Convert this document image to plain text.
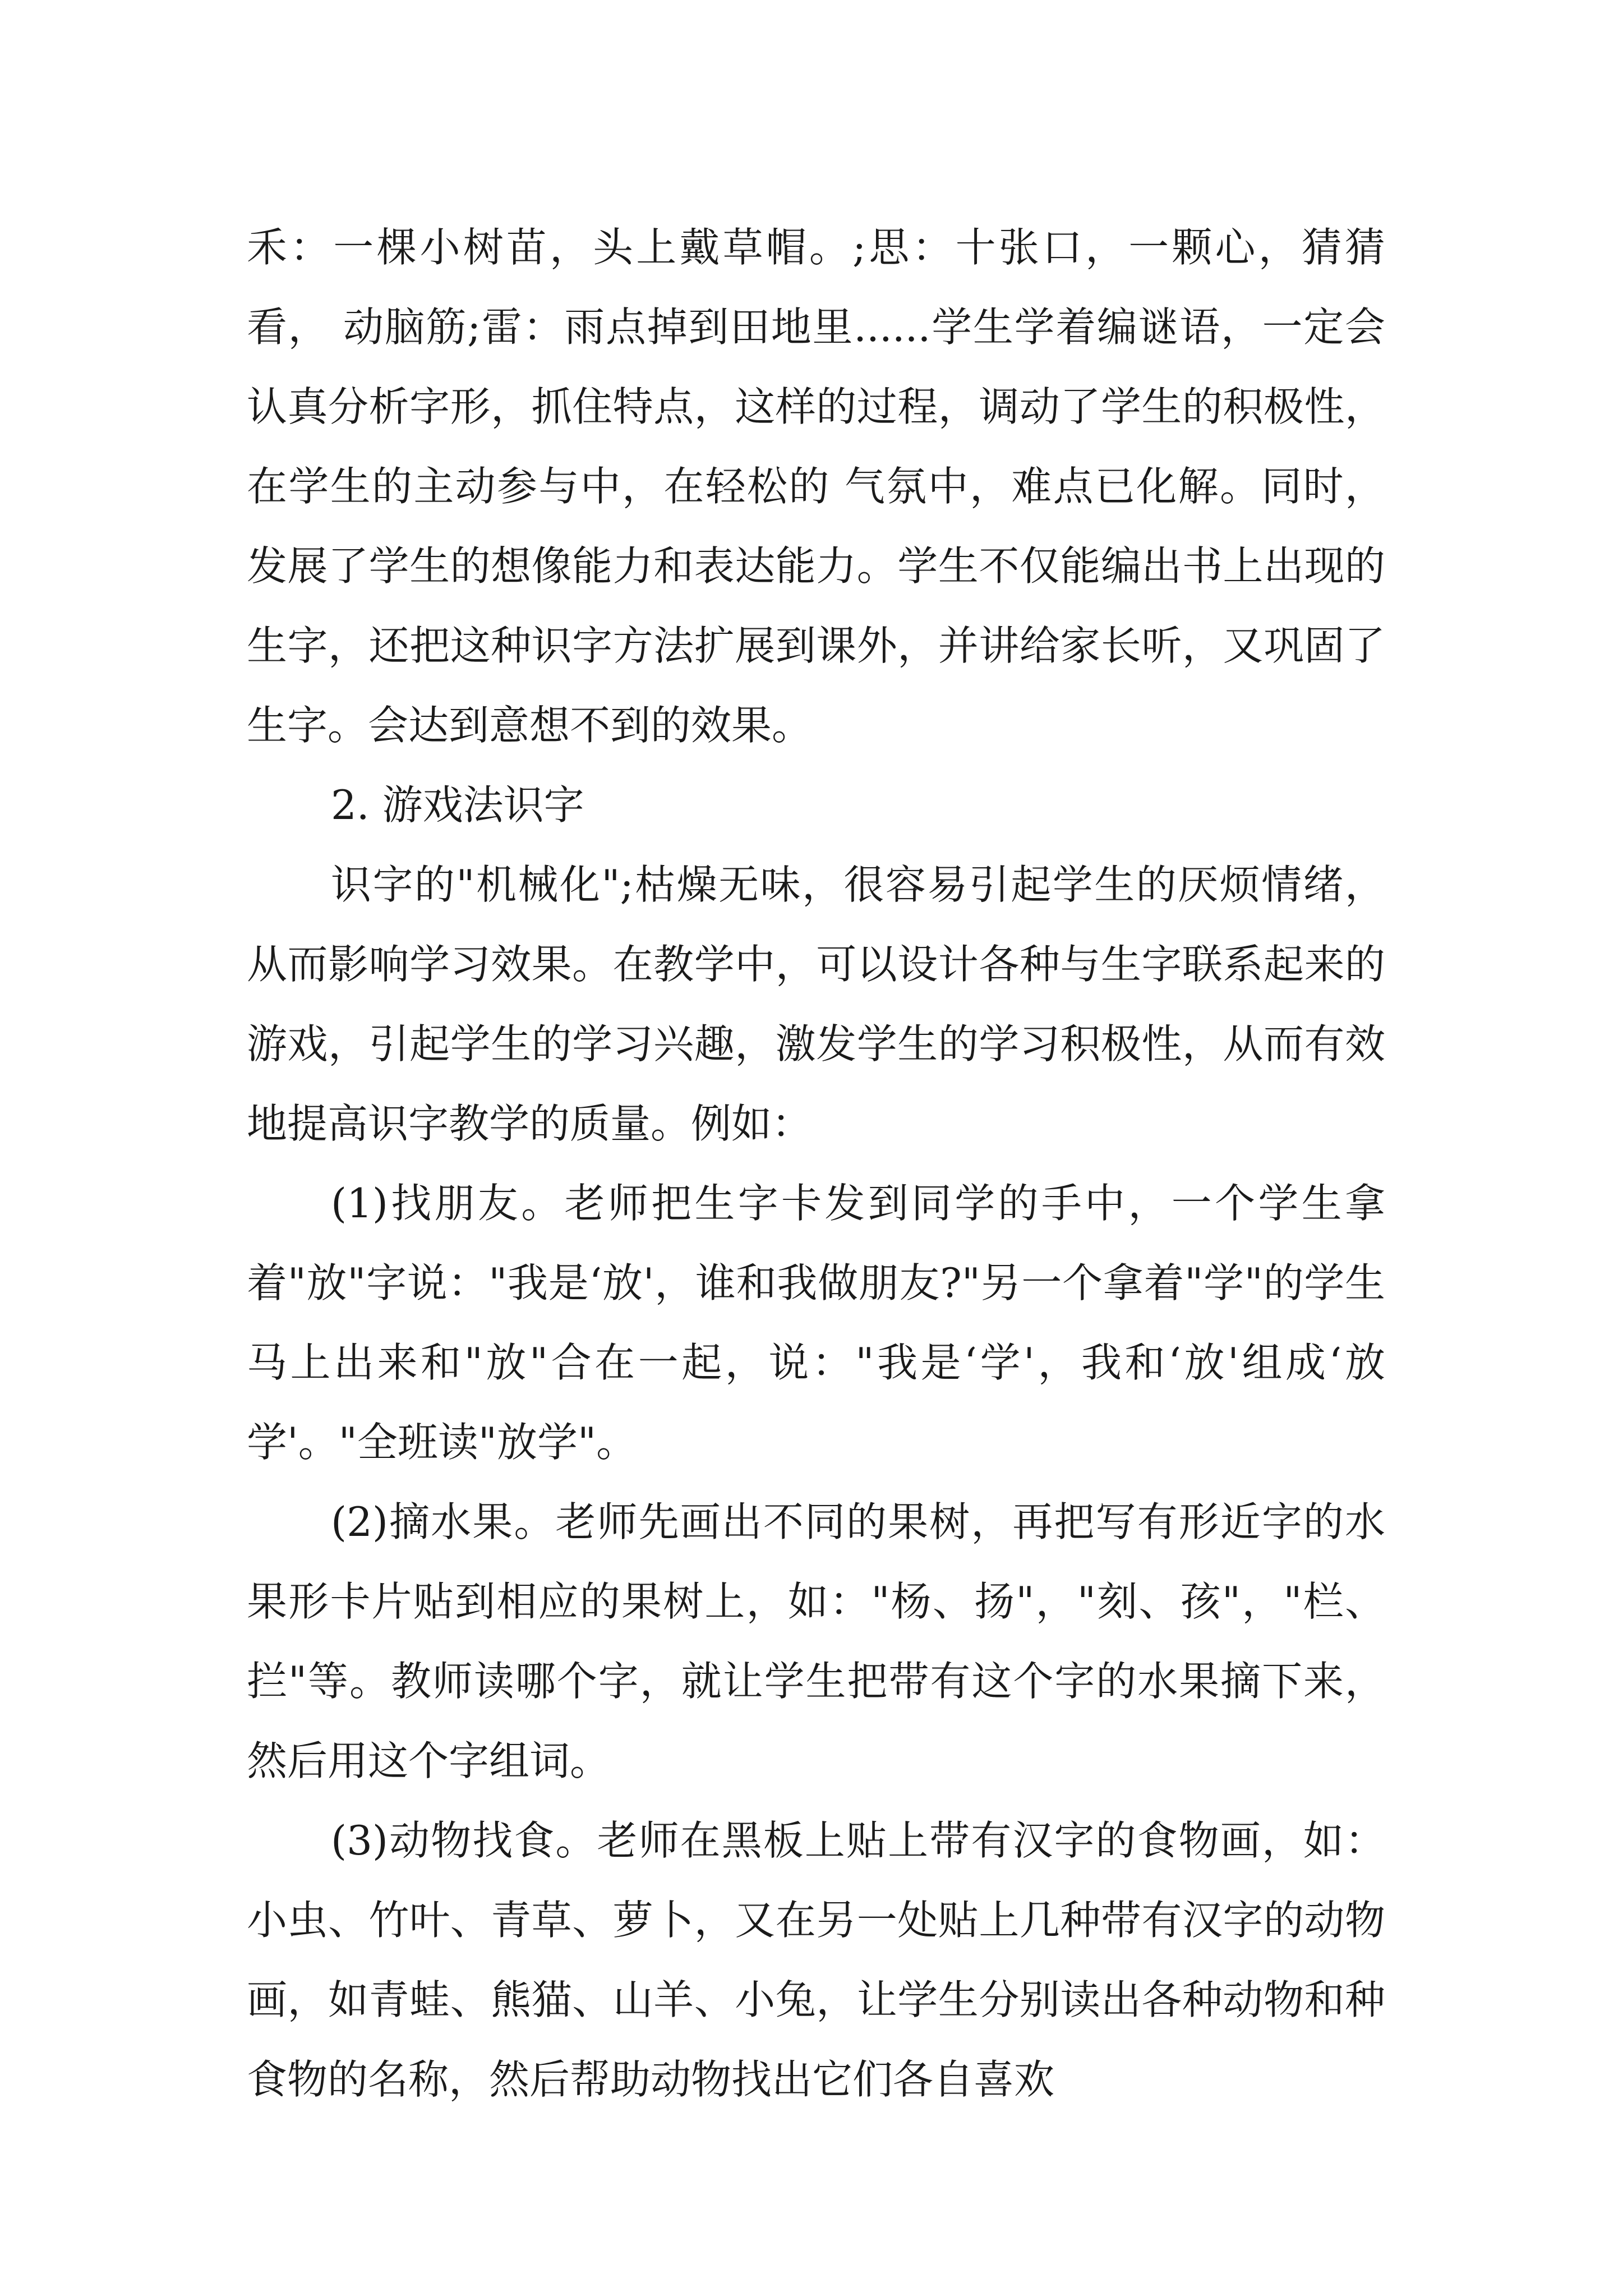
禾：一棵小树苗，头上戴草帽。;思：十张口，一颗心，猜猜看， 动脑筋;雷：雨点掉到田地里......学生学着编谜语，一定会认真分析字形，抓住特点，这样的过程，调动了学生的积极性，在学生的主动参与中，在轻松的 气氛中，难点已化解。同时，发展了学生的想像能力和表达能力。学生不仅能编出书上出现的生字，还把这种识字方法扩展到课外，并讲给家长听，又巩固了生字。会达到意想不到的效果。

2. 游戏法识字

识字的"机械化";枯燥无味，很容易引起学生的厌烦情绪，从而影响学习效果。在教学中，可以设计各种与生字联系起来的游戏，引起学生的学习兴趣，激发学生的学习积极性，从而有效地提高识字教学的质量。例如：

(1)找朋友。老师把生字卡发到同学的手中，一个学生拿着"放"字说："我是‘放'，谁和我做朋友?"另一个拿着"学"的学生马上出来和"放"合在一起，说："我是‘学'，我和‘放'组成‘放学'。"全班读"放学"。

(2)摘水果。老师先画出不同的果树，再把写有形近字的水果形卡片贴到相应的果树上，如："杨、扬"，"刻、孩"，"栏、拦"等。教师读哪个字，就让学生把带有这个字的水果摘下来，然后用这个字组词。

(3)动物找食。老师在黑板上贴上带有汉字的食物画，如：小虫、竹叶、青草、萝卜，又在另一处贴上几种带有汉字的动物画，如青蛙、熊猫、山羊、小兔，让学生分别读出各种动物和种食物的名称，然后帮助动物找出它们各自喜欢
